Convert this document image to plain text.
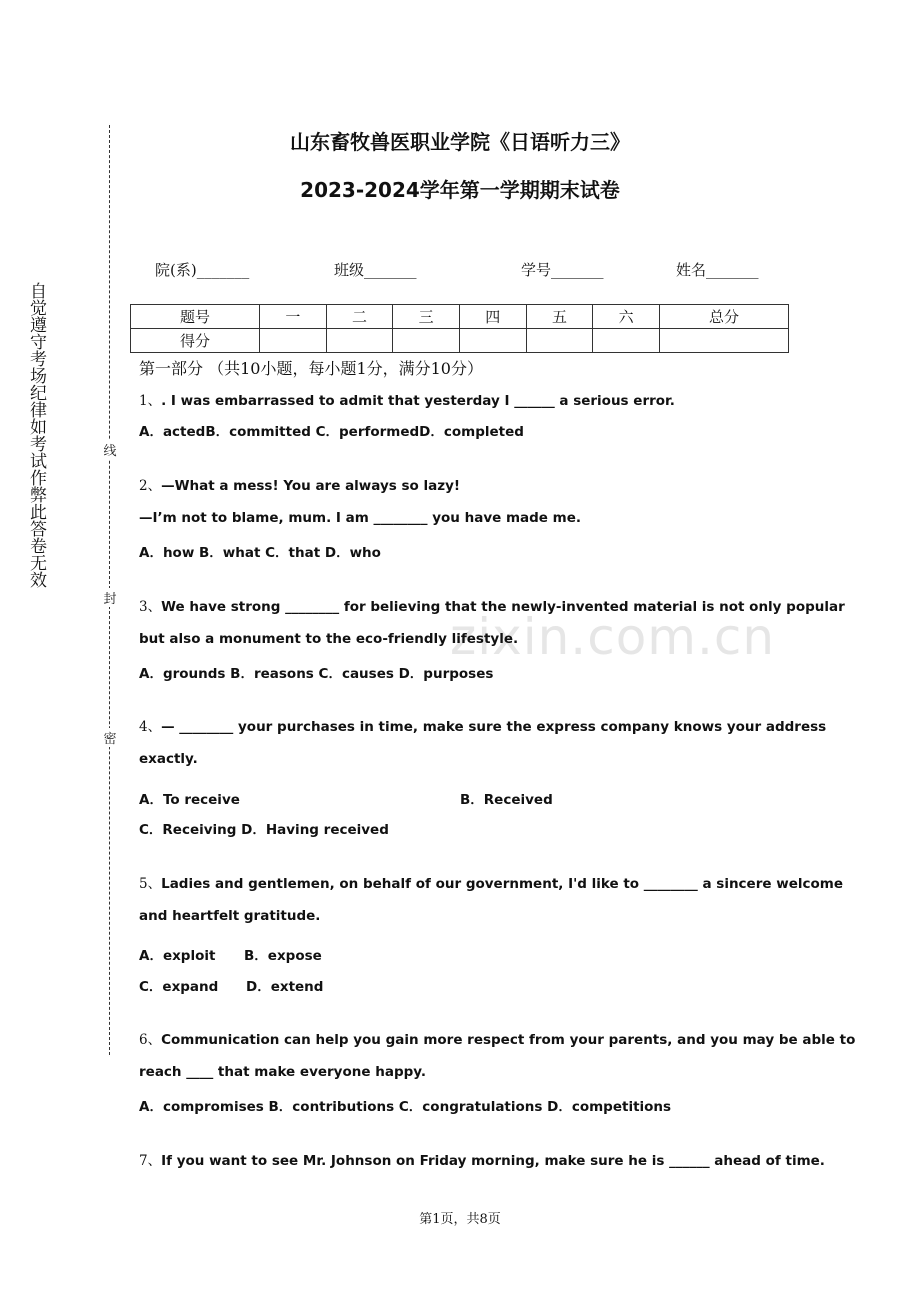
zixin.com.cn
山东畜牧兽医职业学院《日语听力三》
2023-2024学年第一学期期末试卷
自觉遵守考场纪律如考试作弊此答卷无效	线
封
密
院(系)_______	班级_______	学号_______	姓名_______
题号	一	二	三	四	五	六	总分
得分							
第一部分 （共10小题，每小题1分，满分10分）
1、. I was embarrassed to admit that yesterday I ______ a serious error.
A．actedB．committed C．performedD．completed
2、—What a mess! You are always so lazy!
—I’m not to blame, mum. I am ________ you have made me.
A．how B．what C．that D．who
3、We have strong ________ for believing that the newly-invented material is not only popular
but also a monument to the eco-friendly lifestyle.
A．grounds B．reasons C．causes D．purposes
4、— ________ your purchases in time, make sure the express company knows your address
exactly.
A．To receive	B．Received
C．Receiving D．Having received
5、Ladies and gentlemen, on behalf of our government, I'd like to ________ a sincere welcome
and heartfelt gratitude.
A．exploit B．expose
C．expand D．extend
6、Communication can help you gain more respect from your parents, and you may be able to
reach ____ that make everyone happy.
A．compromises B．contributions C．congratulations D．competitions
7、If you want to see Mr. Johnson on Friday morning, make sure he is ______ ahead of time.
第1页，共8页
